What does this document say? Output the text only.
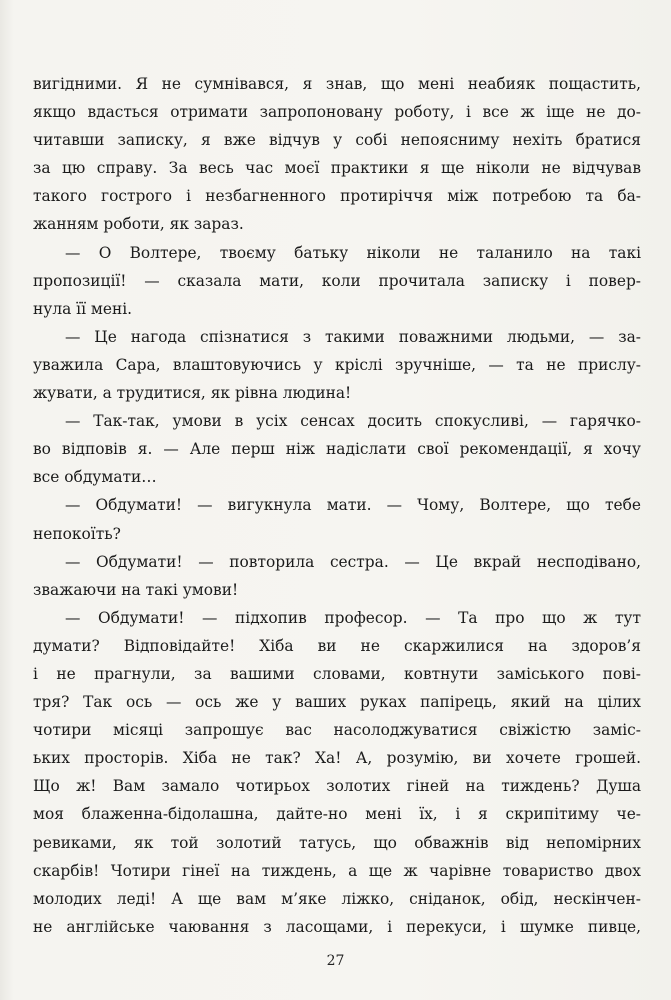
вигідними. Я не сумнівався, я знав, що мені неабияк пощастить,
якщо вдасться отримати запропоновану роботу, і все ж іще не до-
читавши записку, я вже відчув у собі непоясниму нехіть братися
за цю справу. За весь час моєї практики я ще ніколи не відчував
такого гострого і незбагненного протиріччя між потребою та ба-
жанням роботи, як зараз.
— О Волтере, твоєму батьку ніколи не таланило на такі
пропозиції! — сказала мати, коли прочитала записку і повер-
нула її мені.
— Це нагода спізнатися з такими поважними людьми, — за-
уважила Сара, влаштовуючись у кріслі зручніше, — та не прислу-
жувати, а трудитися, як рівна людина!
— Так-так, умови в усіх сенсах досить спокусливі, — гарячко-
во відповів я. — Але перш ніж надіслати свої рекомендації, я хочу
все обдумати…
— Обдумати! — вигукнула мати. — Чому, Волтере, що тебе
непокоїть?
— Обдумати! — повторила сестра. — Це вкрай несподівано,
зважаючи на такі умови!
— Обдумати! — підхопив професор. — Та про що ж тут
думати? Відповідайте! Хіба ви не скаржилися на здоров’я
і не прагнули, за вашими словами, ковтнути заміського пові-
тря? Так ось — ось же у ваших руках папірець, який на цілих
чотири місяці запрошує вас насолоджуватися свіжістю заміс-
ьких просторів. Хіба не так? Ха! А, розумію, ви хочете грошей.
Що ж! Вам замало чотирьох золотих гіней на тиждень? Душа
моя блаженна-бідолашна, дайте-но мені їх, і я скрипітиму че-
ревиками, як той золотий татусь, що обважнів від непомірних
скарбів! Чотири гінеї на тиждень, а ще ж чарівне товариство двох
молодих леді! А ще вам м’яке ліжко, сніданок, обід, нескінчен-
не англійське чаювання з ласощами, і перекуси, і шумке пивце,
27
